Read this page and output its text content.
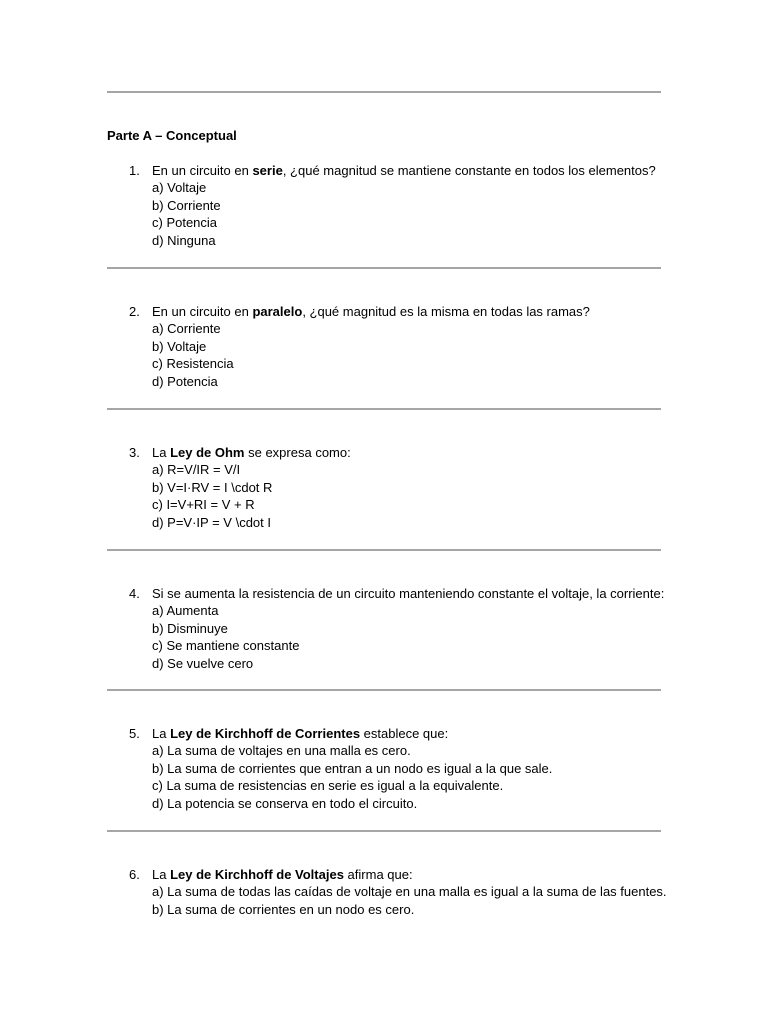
Parte A – Conceptual
1. En un circuito en serie, ¿qué magnitud se mantiene constante en todos los elementos?
a) Voltaje
b) Corriente
c) Potencia
d) Ninguna
2. En un circuito en paralelo, ¿qué magnitud es la misma en todas las ramas?
a) Corriente
b) Voltaje
c) Resistencia
d) Potencia
3. La Ley de Ohm se expresa como:
a) R=V/IR = V/I
b) V=I·RV = I \cdot R
c) I=V+RI = V + R
d) P=V·IP = V \cdot I
4. Si se aumenta la resistencia de un circuito manteniendo constante el voltaje, la corriente:
a) Aumenta
b) Disminuye
c) Se mantiene constante
d) Se vuelve cero
5. La Ley de Kirchhoff de Corrientes establece que:
a) La suma de voltajes en una malla es cero.
b) La suma de corrientes que entran a un nodo es igual a la que sale.
c) La suma de resistencias en serie es igual a la equivalente.
d) La potencia se conserva en todo el circuito.
6. La Ley de Kirchhoff de Voltajes afirma que:
a) La suma de todas las caídas de voltaje en una malla es igual a la suma de las fuentes.
b) La suma de corrientes en un nodo es cero.
